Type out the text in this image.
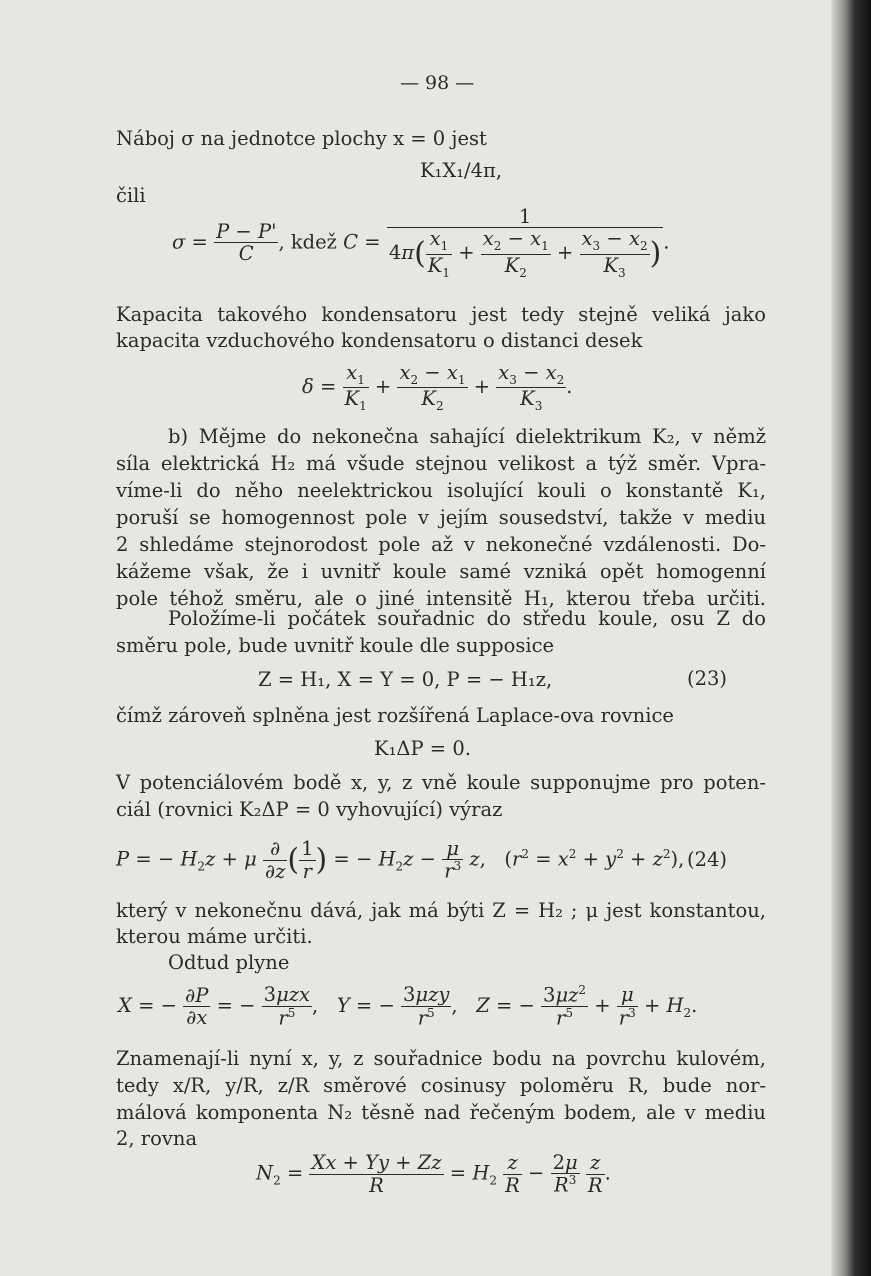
— 98 —
Náboj σ na jednotce plochy x = 0 jest
K₁X₁/4π,
čili
$\sigma = \frac{P - P'}{C}$ , kdež $C = \frac{1}{4\pi( \frac{x_1}{K_1} + \frac{x_2 - x_1}{K_2} + \frac{x_3 - x_2}{K_3} )}$ .
Kapacita takového kondensatoru jest tedy stejně veliká jako
kapacita vzduchového kondensatoru o distanci desek
$\delta = \frac{x_1}{K_1} + \frac{x_2 - x_1}{K_2} + \frac{x_3 - x_2}{K_3}$ .
b) Mějme do nekonečna sahající dielektrikum K₂, v němž
síla elektrická H₂ má všude stejnou velikost a týž směr. Vpra-
víme-li do něho neelektrickou isolující kouli o konstantě K₁,
poruší se homogennost pole v jejím sousedství, takže v mediu
2 shledáme stejnorodost pole až v nekonečné vzdálenosti. Do-
kážeme však, že i uvnitř koule samé vzniká opět homogenní
pole téhož směru, ale o jiné intensitě H₁, kterou třeba určiti.
Položíme-li počátek souřadnic do středu koule, osu Z do
směru pole, bude uvnitř koule dle supposice
Z = H₁, X = Y = 0, P = − H₁z,	(23)
čímž zároveň splněna jest rozšířená Laplace-ova rovnice
K₁ΔP = 0.
V potenciálovém bodě x, y, z vně koule supponujme pro poten-
ciál (rovnici K₂ΔP = 0 vyhovující) výraz
P = − $H_2z + \mu \frac{\partial}{\partial z}$ ( $\frac{1}{r}$ ) = − $H_2z - \frac{\mu}{r^3} z$,   $(r^2 = x^2 + y^2 + z^2)$, (24)
který v nekonečnu dává, jak má býti Z = H₂ ; μ jest konstantou,
kterou máme určiti.
Odtud plyne
X = − $\frac{\partial P}{\partial x}$ = − $\frac{\text{3μzx}}{r^5}$ ,   Y = − $\frac{\text{3μzy}}{r^5}$ ,   Z = − $\frac{3\mu z^2}{r^5} + \frac{\mu}{r^3} + H_2$.
Znamenají-li nyní x, y, z souřadnice bodu na povrchu kulovém,
tedy x/R, y/R, z/R směrové cosinusy poloměru R, bude nor-
málová komponenta N₂ těsně nad řečeným bodem, ale v mediu
2, rovna
$N_2 = \frac{Xx + Yy + Zz}{R} = H_2 \frac{z}{R} - \frac{2\mu}{R^3}$
$\frac{z}{R}$ .
